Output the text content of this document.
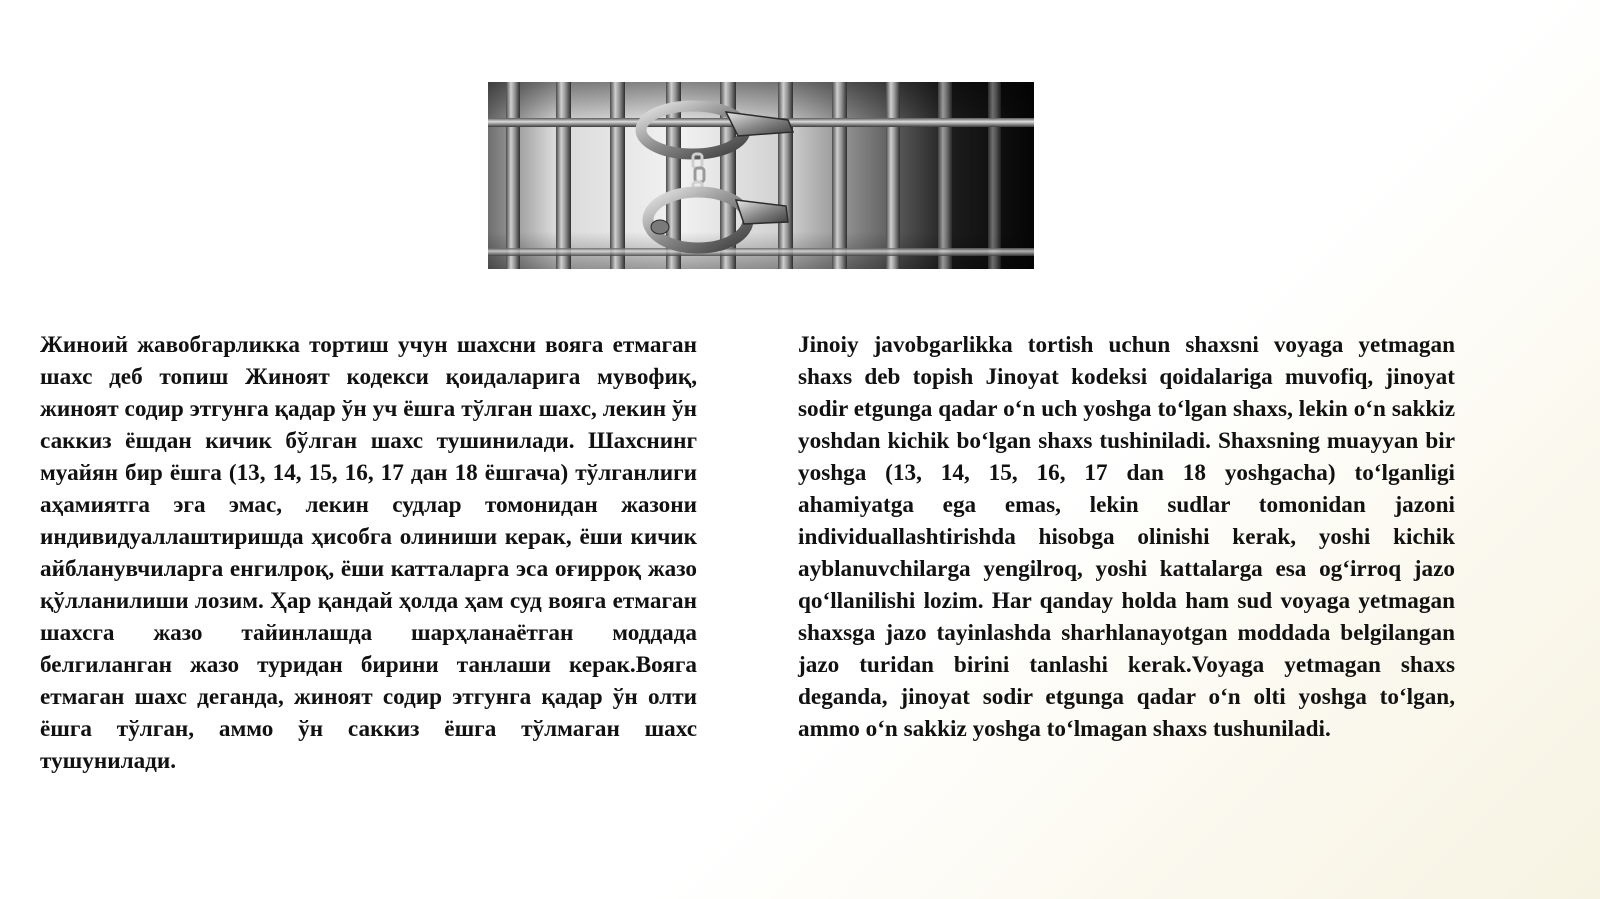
Жиноий жавобгарликка тортиш учун шахсни вояга етмаган шахс деб топиш Жиноят кодекси қоидаларига мувофиқ, жиноят содир этгунга қадар ўн уч ёшга тўлган шахс, лекин ўн саккиз ёшдан кичик бўлган шахс тушинилади. Шахснинг муайян бир ёшга (13, 14, 15, 16, 17 дан 18 ёшгача) тўлганлиги аҳамиятга эга эмас, лекин судлар томонидан жазони индивидуаллаштиришда ҳисобга олиниши керак, ёши кичик айбланувчиларга енгилроқ, ёши катталарга эса оғирроқ жазо қўлланилиши лозим. Ҳар қандай ҳолда ҳам суд вояга етмаган шахсга жазо тайинлашда шарҳланаётган моддада белгиланган жазо туридан бирини танлаши керак.Вояга етмаган шахс деганда, жиноят содир этгунга қадар ўн олти ёшга тўлган, аммо ўн саккиз ёшга тўлмаган шахс тушунилади.

Jinoiy javobgarlikka tortish uchun shaxsni voyaga yetmagan shaxs deb topish Jinoyat kodeksi qoidalariga muvofiq, jinoyat sodir etgunga qadar o‘n uch yoshga to‘lgan shaxs, lekin o‘n sakkiz yoshdan kichik bo‘lgan shaxs tushiniladi. Shaxsning muayyan bir yoshga (13, 14, 15, 16, 17 dan 18 yoshgacha) to‘lganligi ahamiyatga ega emas, lekin sudlar tomonidan jazoni individuallashtirishda hisobga olinishi kerak, yoshi kichik ayblanuvchilarga yengilroq, yoshi kattalarga esa og‘irroq jazo qo‘llanilishi lozim. Har qanday holda ham sud voyaga yetmagan shaxsga jazo tayinlashda sharhlanayotgan moddada belgilangan jazo turidan birini tanlashi kerak.Voyaga yetmagan shaxs deganda, jinoyat sodir etgunga qadar o‘n olti yoshga to‘lgan, ammo o‘n sakkiz yoshga to‘lmagan shaxs tushuniladi.
